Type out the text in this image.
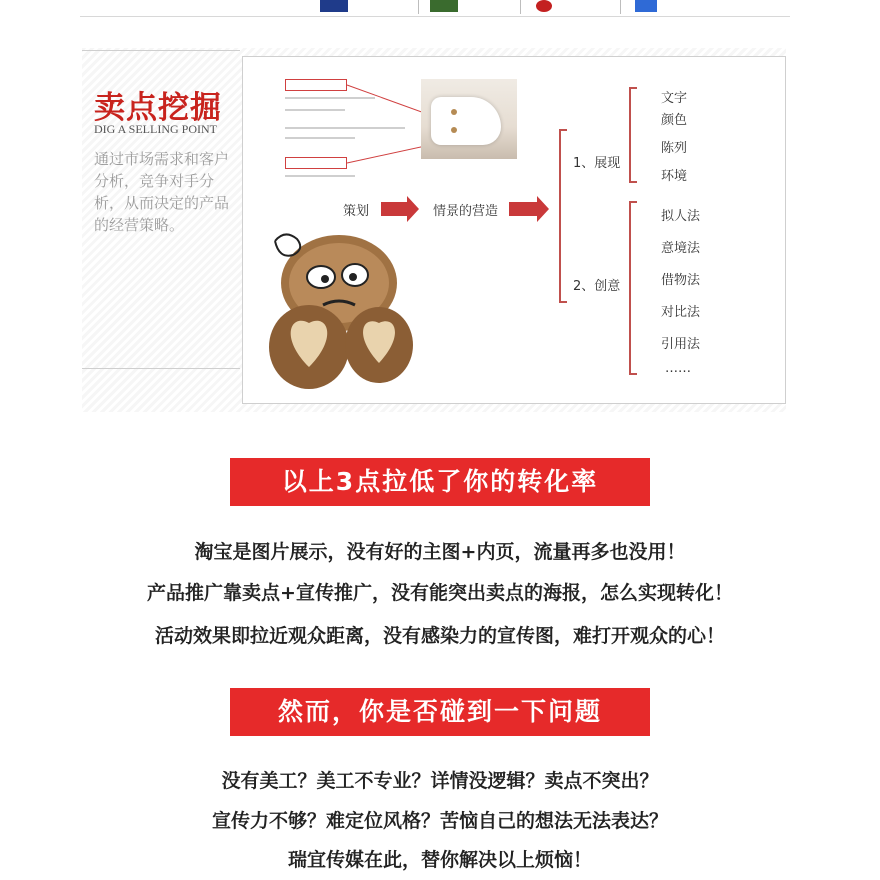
卖点挖掘
DIG A SELLING POINT
通过市场需求和客户分析，竞争对手分析，从而决定的产品的经营策略。
策划	情景的营造
1、展现
2、创意
文字
颜色
陈列
环境
拟人法
意境法
借物法
对比法
引用法
……
以上3点拉低了你的转化率
淘宝是图片展示，没有好的主图+内页，流量再多也没用！
产品推广靠卖点+宣传推广，没有能突出卖点的海报，怎么实现转化！
活动效果即拉近观众距离，没有感染力的宣传图，难打开观众的心！
然而，你是否碰到一下问题
没有美工？美工不专业？详情没逻辑？卖点不突出？
宣传力不够？难定位风格？苦恼自己的想法无法表达？
瑞宜传媒在此，替你解决以上烦恼！
